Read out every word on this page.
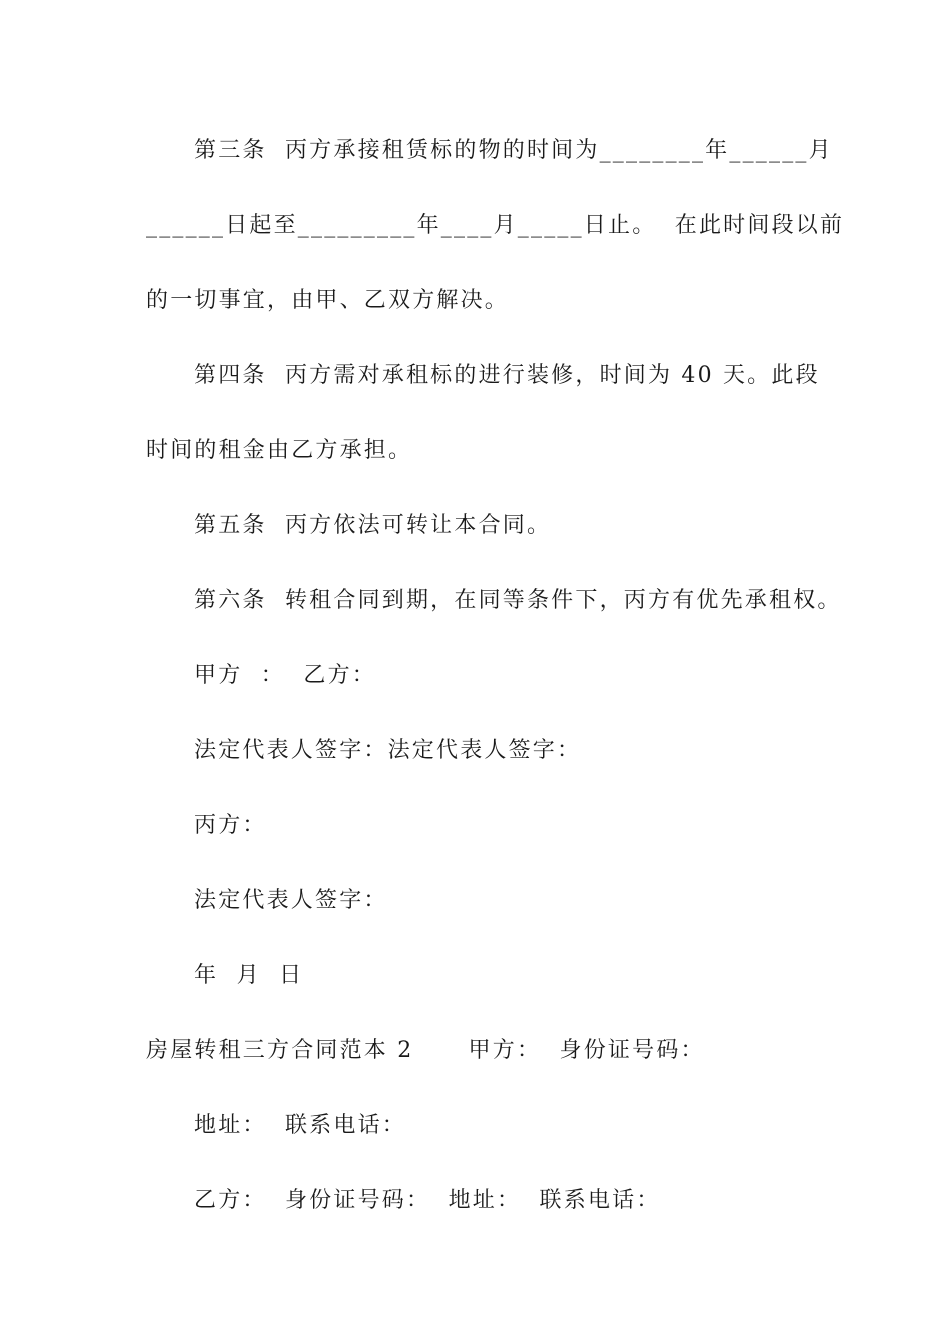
第三条  丙方承接租赁标的物的时间为________年______月
______日起至_________年____月_____日止。  在此时间段以前
的一切事宜，由甲、乙双方解决。
第四条  丙方需对承租标的进行装修，时间为 40 天。此段
时间的租金由乙方承担。
第五条  丙方依法可转让本合同。
第六条  转租合同到期，在同等条件下，丙方有优先承租权。
甲方  ：  乙方：
法定代表人签字：法定代表人签字：
丙方：
法定代表人签字：
年  月  日
房屋转租三方合同范本 2      甲方：  身份证号码：
地址：  联系电话：
乙方：  身份证号码：  地址：  联系电话：
